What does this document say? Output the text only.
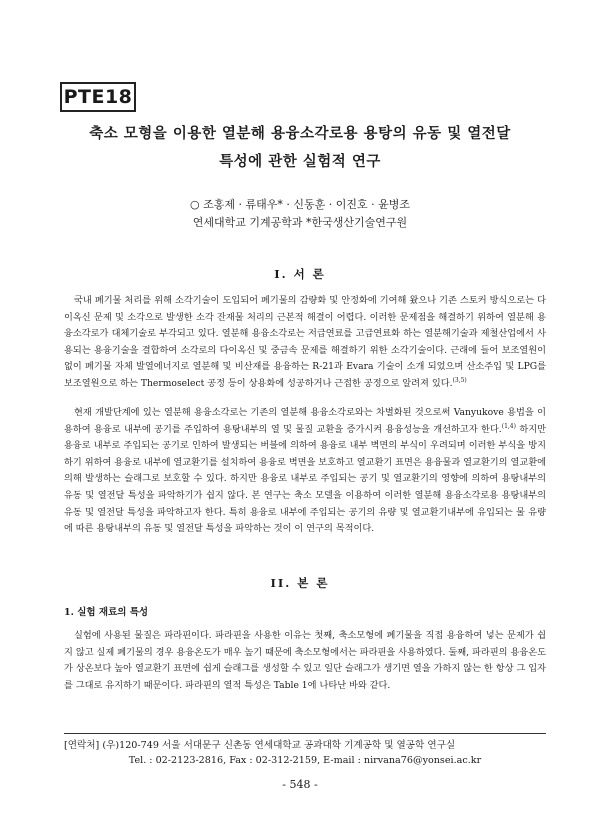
PTE18
축소 모형을 이용한 열분해 용융소각로용 용탕의 유동 및 열전달
특성에 관한 실험적 연구
○ 조홍제 · 류태우* · 신동훈 · 이진호 · 윤병조
연세대학교 기계공학과 *한국생산기술연구원
I. 서 론

국내 폐기물 처리를 위해 소각기술이 도입되어 폐기물의 감량화 및 안정화에 기여해 왔으나 기존 스토커 방식으로는 다이옥신 문제 및 소각으로 발생한 소각 잔재물 처리의 근본적 해결이 어렵다. 이러한 문제점을 해결하기 위하여 열분해 용융소각로가 대체기술로 부각되고 있다. 열분해 용융소각로는 저급연료를 고급연료화 하는 열분해기술과 제철산업에서 사용되는 용융기술을 결합하여 소각로의 다이옥신 및 중금속 문제를 해결하기 위한 소각기술이다. 근래에 들어 보조열원이 없이 폐기물 자체 발열에너지로 열분해 및 비산재를 용융하는 R-21과 Evara 기술이 소개 되었으며 산소주입 및 LPG를 보조열원으로 하는 Thermoselect 공정 등이 상용화에 성공하거나 근접한 공정으로 알려져 있다.$^{(3,5)}$

현재 개발단계에 있는 열분해 용융소각로는 기존의 열분해 용융소각로와는 차별화된 것으로써 Vanyukove 용법을 이용하여 용융로 내부에 공기를 주입하여 용탕내부의 열 및 물질 교환을 증가시켜 용융성능을 개선하고자 한다.$^{(1,4)}$ 하지만 용융로 내부로 주입되는 공기로 인하여 발생되는 버블에 의하여 용융로 내부 벽면의 부식이 우려되며 이러한 부식을 방지하기 위하여 용융로 내부에 열교환기를 설치하여 용융로 벽면을 보호하고 열교환기 표면은 용융물과 열교환기의 열교환에 의해 발생하는 슬래그로 보호할 수 있다. 하지만 용융로 내부로 주입되는 공기 및 열교환기의 영향에 의하여 용탕내부의 유동 및 열전달 특성을 파악하기가 쉽지 않다. 본 연구는 축소 모델을 이용하여 이러한 열분해 용융소각로용 용탕내부의 유동 및 열전달 특성을 파악하고자 한다. 특히 용융로 내부에 주입되는 공기의 유량 및 열교환기내부에 유입되는 물 유량에 따른 용탕내부의 유동 및 열전달 특성을 파악하는 것이 이 연구의 목적이다.

II. 본 론
1. 실험 재료의 특성

실험에 사용된 물질은 파라핀이다. 파라핀을 사용한 이유는 첫째, 축소모형에 폐기물을 직접 용융하여 넣는 문제가 쉽지 않고 실제 폐기물의 경우 용융온도가 매우 높기 때문에 축소모형에서는 파라핀을 사용하였다. 둘째, 파라핀의 용융온도가 상온보다 높아 열교환기 표면에 쉽게 슬래그를 생성할 수 있고 일단 슬래그가 생기면 열을 가하지 않는 한 항상 그 입자를 그대로 유지하기 때문이다. 파라핀의 열적 특성은 Table 1에 나타난 바와 같다.

[연락처] (우)120-749 서울 서대문구 신촌동 연세대학교 공과대학 기계공학 및 열공학 연구실
Tel. : 02-2123-2816, Fax : 02-312-2159, E-mail : nirvana76@yonsei.ac.kr
- 548 -
